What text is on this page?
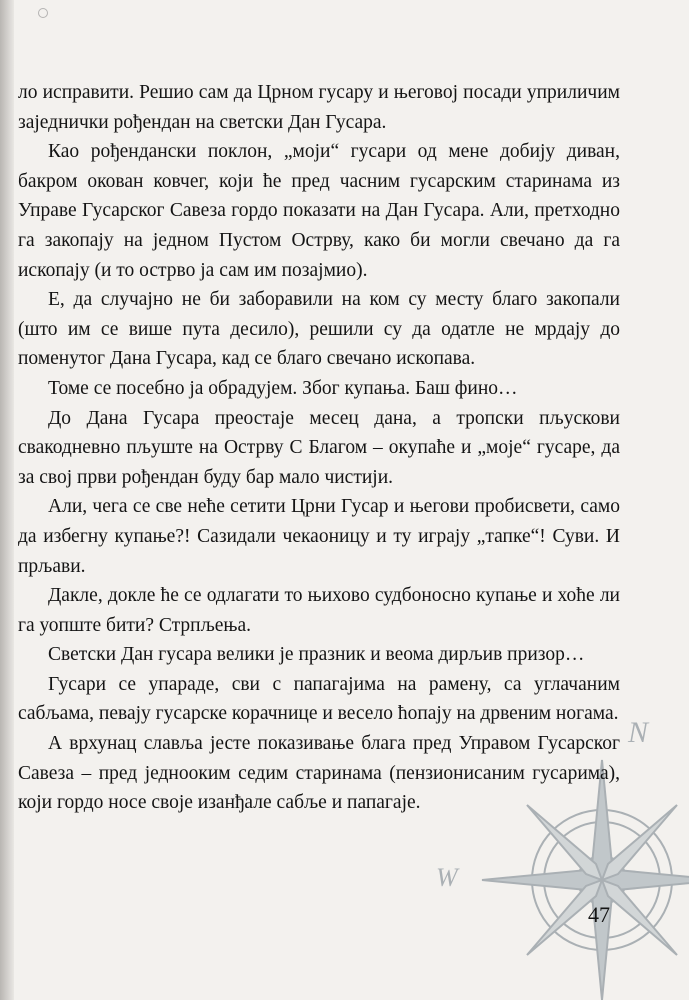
N
W

ло исправити. Решио сам да Црном гусару и његовој посади уприличим заједнички рођендан на светски Дан Гусара.

Као рођендански поклон, „моји“ гусари од мене добију диван, бакром окован ковчег, који ће пред часним гусарским старинама из Управе Гусарског Савеза гордо показати на Дан Гусара. Али, претходно га закопају на једном Пустом Острву, како би могли свечано да га ископају (и то острво ја сам им позајмио).

Е, да случајно не би заборавили на ком су месту благо закопали (што им се више пута десило), решили су да одатле не мрдају до поменутог Дана Гусара, кад се благо свечано ископава.

Томе се посебно ја обрадујем. Због купања. Баш фино…

До Дана Гусара преостаје месец дана, а тропски пљускови свакодневно пљуште на Острву С Благом – окупаће и „моје“ гусаре, да за свој први рођендан буду бар мало чистији.

Али, чега се све неће сетити Црни Гусар и његови пробисвети, само да избегну купање?! Сазидали чекаоницу и ту играју „тапке“! Суви. И прљави.

Дакле, докле ће се одлагати то њихово судбоносно купање и хоће ли га уопште бити? Стрпљења.

Светски Дан гусара велики је празник и веома дирљив призор…

Гусари се упараде, сви с папагајима на рамену, са углачаним сабљама, певају гусарске корачнице и весело ћопају на дрвеним ногама.

А врхунац славља јесте показивање блага пред Управом Гусарског Савеза – пред једнооким седим старинама (пензионисаним гусарима), који гордо носе своје изанђале сабље и папагаје.

47
